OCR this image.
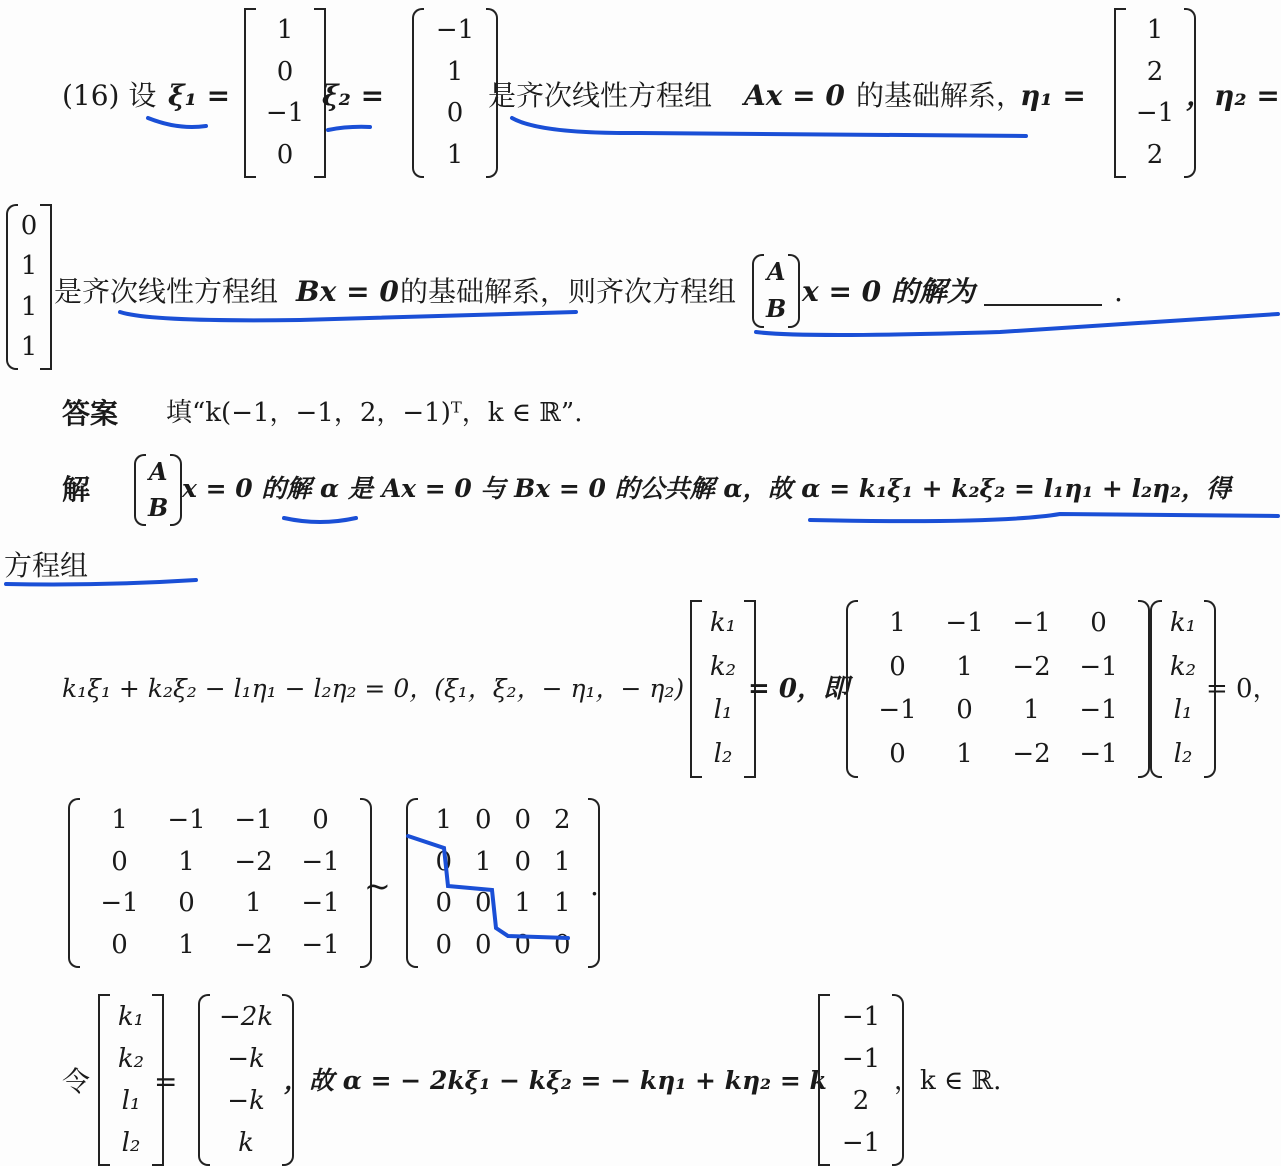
(16) 设 ξ₁ =
1
0
−1
0
ξ₂ =
−1
1
0
1
是齐次线性方程组 Ax = 0 的基础解系，
η₁ =
1
2
−1
2
，η₂ =
0
1
1
1
是齐次线性方程组 Bx = 0 的基础解系，则齐次方程组
A
B
x = 0 的解为	.
答案 填“k(−1，−1，2，−1)ᵀ，k ∈ ℝ”.
解
A
B
x = 0 的解 α 是 Ax = 0 与 Bx = 0 的公共解 α，故 α = k₁ξ₁ + k₂ξ₂ = l₁η₁ + l₂η₂，得
方程组
k₁ξ₁ + k₂ξ₂ − l₁η₁ − l₂η₂ = 0，(ξ₁，ξ₂，− η₁，− η₂)
k₁
k₂
l₁
l₂
= 0，即
1 −1 −1 0
0 1 −2 −1
−1 0 1 −1
0 1 −2 −1
k₁
k₂
l₁
l₂
= 0，
1 −1 −1 0
0 1 −2 −1
−1 0 1 −1
0 1 −2 −1
~
1 0 0 2
0 1 0 1
0 0 1 1
0 0 0 0
.
令
k₁
k₂
l₁
l₂
=
−2k
−k
−k
k
，故 α = − 2kξ₁ − kξ₂ = − kη₁ + kη₂ = k
−1
−1
2
−1
，k ∈ ℝ.
